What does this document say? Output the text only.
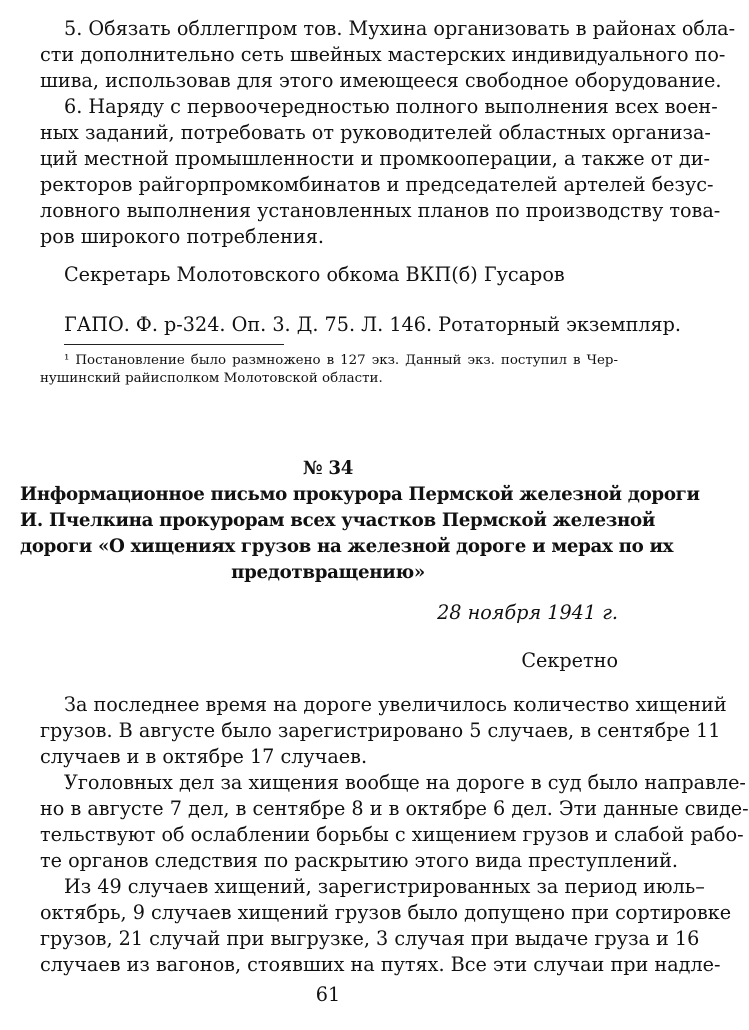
5. Обязать обллегпром тов. Мухина организовать в районах обла-
сти дополнительно сеть швейных мастерских индивидуального по-
шива, использовав для этого имеющееся свободное оборудование.
6. Наряду с первоочередностью полного выполнения всех воен-
ных заданий, потребовать от руководителей областных организа-
ций местной промышленности и промкооперации, а также от ди-
ректоров райгорпромкомбинатов и председателей артелей безус-
ловного выполнения установленных планов по производству това-
ров широкого потребления.
Секретарь Молотовского обкома ВКП(б) Гусаров
ГАПО. Ф. р-324. Оп. 3. Д. 75. Л. 146. Ротаторный экземпляр.
¹ Постановление было размножено в 127 экз. Данный экз. поступил в Чер-
нушинский райисполком Молотовской области.
№ 34
Информационное письмо прокурора Пермской железной дороги
И. Пчелкина прокурорам всех участков Пермской железной
дороги «О хищениях грузов на железной дороге и мерах по их
предотвращению»
28 ноября 1941 г.
Секретно
За последнее время на дороге увеличилось количество хищений
грузов. В августе было зарегистрировано 5 случаев, в сентябре 11
случаев и в октябре 17 случаев.
Уголовных дел за хищения вообще на дороге в суд было направле-
но в августе 7 дел, в сентябре 8 и в октябре 6 дел. Эти данные свиде-
тельствуют об ослаблении борьбы с хищением грузов и слабой рабо-
те органов следствия по раскрытию этого вида преступлений.
Из 49 случаев хищений, зарегистрированных за период июль–
октябрь, 9 случаев хищений грузов было допущено при сортировке
грузов, 21 случай при выгрузке, 3 случая при выдаче груза и 16
случаев из вагонов, стоявших на путях. Все эти случаи при надле-
61
